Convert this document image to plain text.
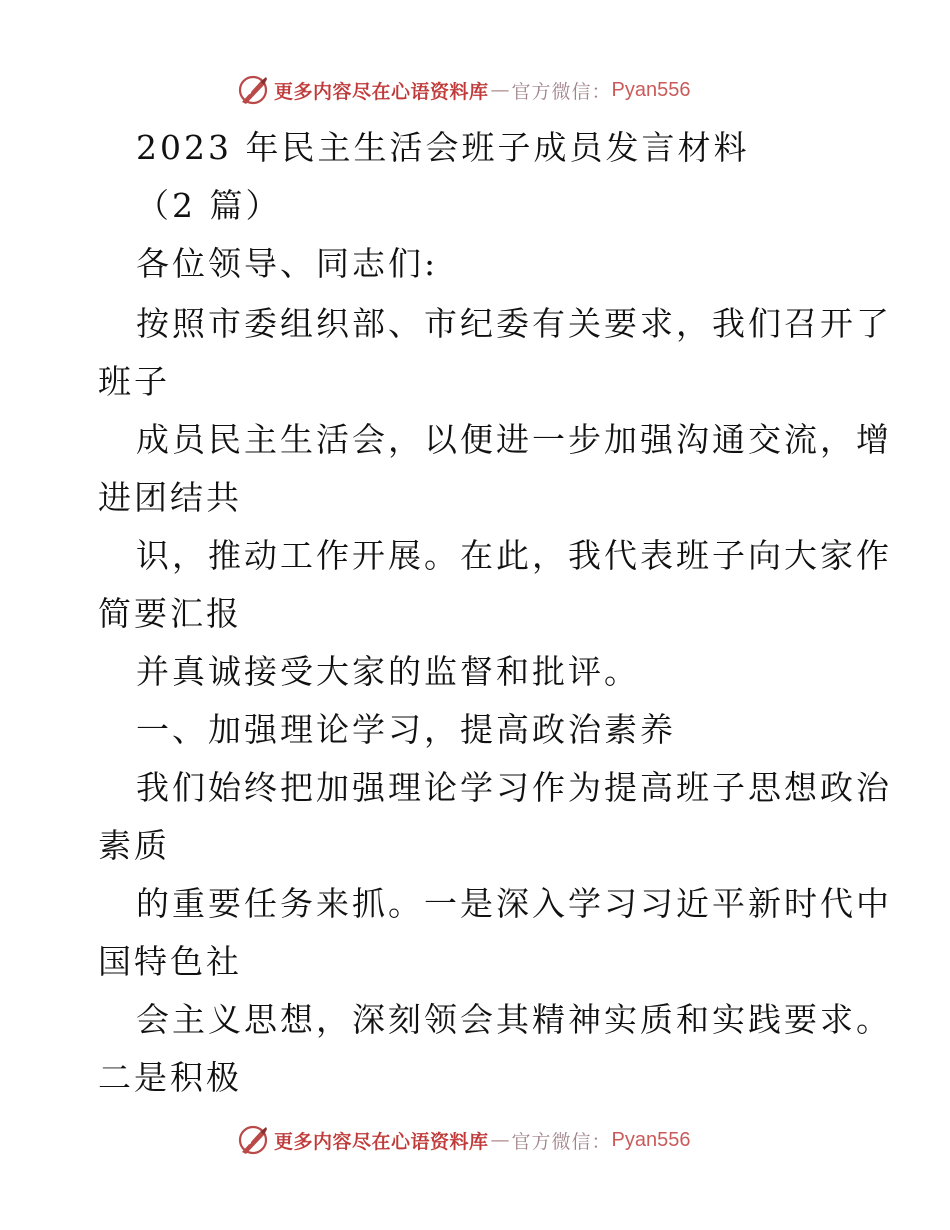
更多内容尽在心语资料库 — 官方微信： Pyan556

2023 年民主生活会班子成员发言材料

（2 篇）

各位领导、同志们:

按照市委组织部、市纪委有关要求，我们召开了

班子

成员民主生活会，以便进一步加强沟通交流，增

进团结共

识，推动工作开展。在此，我代表班子向大家作

简要汇报

并真诚接受大家的监督和批评。

一、加强理论学习，提高政治素养

我们始终把加强理论学习作为提高班子思想政治

素质

的重要任务来抓。一是深入学习习近平新时代中

国特色社

会主义思想，深刻领会其精神实质和实践要求。

二是积极

更多内容尽在心语资料库 — 官方微信： Pyan556
